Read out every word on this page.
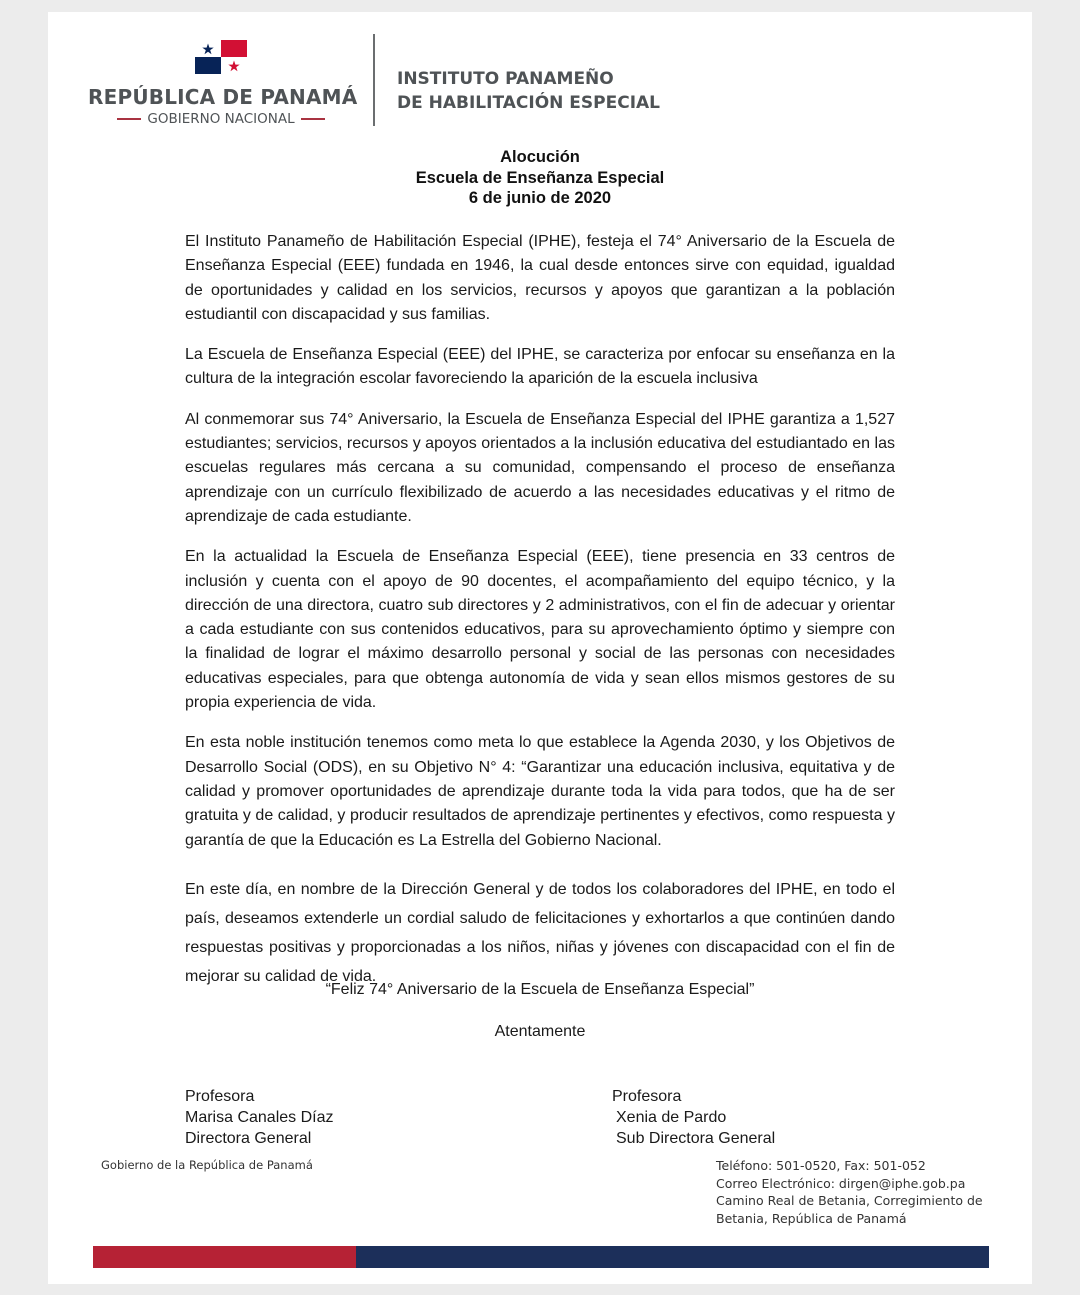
REPÚBLICA DE PANAMÁ
GOBIERNO NACIONAL
INSTITUTO PANAMEÑO
DE HABILITACIÓN ESPECIAL
Alocución
Escuela de Enseñanza Especial
6 de junio de 2020

El Instituto Panameño de Habilitación Especial (IPHE), festeja el 74° Aniversario de la Escuela de Enseñanza Especial (EEE) fundada en 1946, la cual desde entonces sirve con equidad, igualdad de oportunidades y calidad en los servicios, recursos y apoyos que garantizan a la población estudiantil con discapacidad y sus familias.

La Escuela de Enseñanza Especial (EEE) del IPHE, se caracteriza por enfocar su enseñanza en la cultura de la integración escolar favoreciendo la aparición de la escuela inclusiva

Al conmemorar sus 74° Aniversario, la Escuela de Enseñanza Especial del IPHE garantiza a 1,527 estudiantes; servicios, recursos y apoyos orientados a la inclusión educativa del estudiantado en las escuelas regulares más cercana a su comunidad, compensando el proceso de enseñanza aprendizaje con un currículo flexibilizado de acuerdo a las necesidades educativas y el ritmo de aprendizaje de cada estudiante.

En la actualidad la Escuela de Enseñanza Especial (EEE), tiene presencia en 33 centros de inclusión y cuenta con el apoyo de 90 docentes, el acompañamiento del equipo técnico, y la dirección de una directora, cuatro sub directores y 2 administrativos, con el fin de adecuar y orientar a cada estudiante con sus contenidos educativos, para su aprovechamiento óptimo y siempre con la finalidad de lograr el máximo desarrollo personal y social de las personas con necesidades educativas especiales, para que obtenga autonomía de vida y sean ellos mismos gestores de su propia experiencia de vida.

En esta noble institución tenemos como meta lo que establece la Agenda 2030, y los Objetivos de Desarrollo Social (ODS), en su Objetivo N° 4: “Garantizar una educación inclusiva, equitativa y de calidad y promover oportunidades de aprendizaje durante toda la vida para todos, que ha de ser gratuita y de calidad, y producir resultados de aprendizaje pertinentes y efectivos, como respuesta y garantía de que la Educación es La Estrella del Gobierno Nacional.

En este día, en nombre de la Dirección General y de todos los colaboradores del IPHE, en todo el país, deseamos extenderle un cordial saludo de felicitaciones y exhortarlos a que continúen dando respuestas positivas y proporcionadas a los niños, niñas y jóvenes con discapacidad con el fin de mejorar su calidad de vida.

“Feliz 74° Aniversario de la Escuela de Enseñanza Especial”
Atentamente
Profesora
Marisa Canales Díaz
Directora General
Profesora
Xenia de Pardo
Sub Directora General
Gobierno de la República de Panamá	Teléfono: 501-0520, Fax: 501-052
Correo Electrónico: dirgen@iphe.gob.pa
Camino Real de Betania, Corregimiento de
Betania, República de Panamá
